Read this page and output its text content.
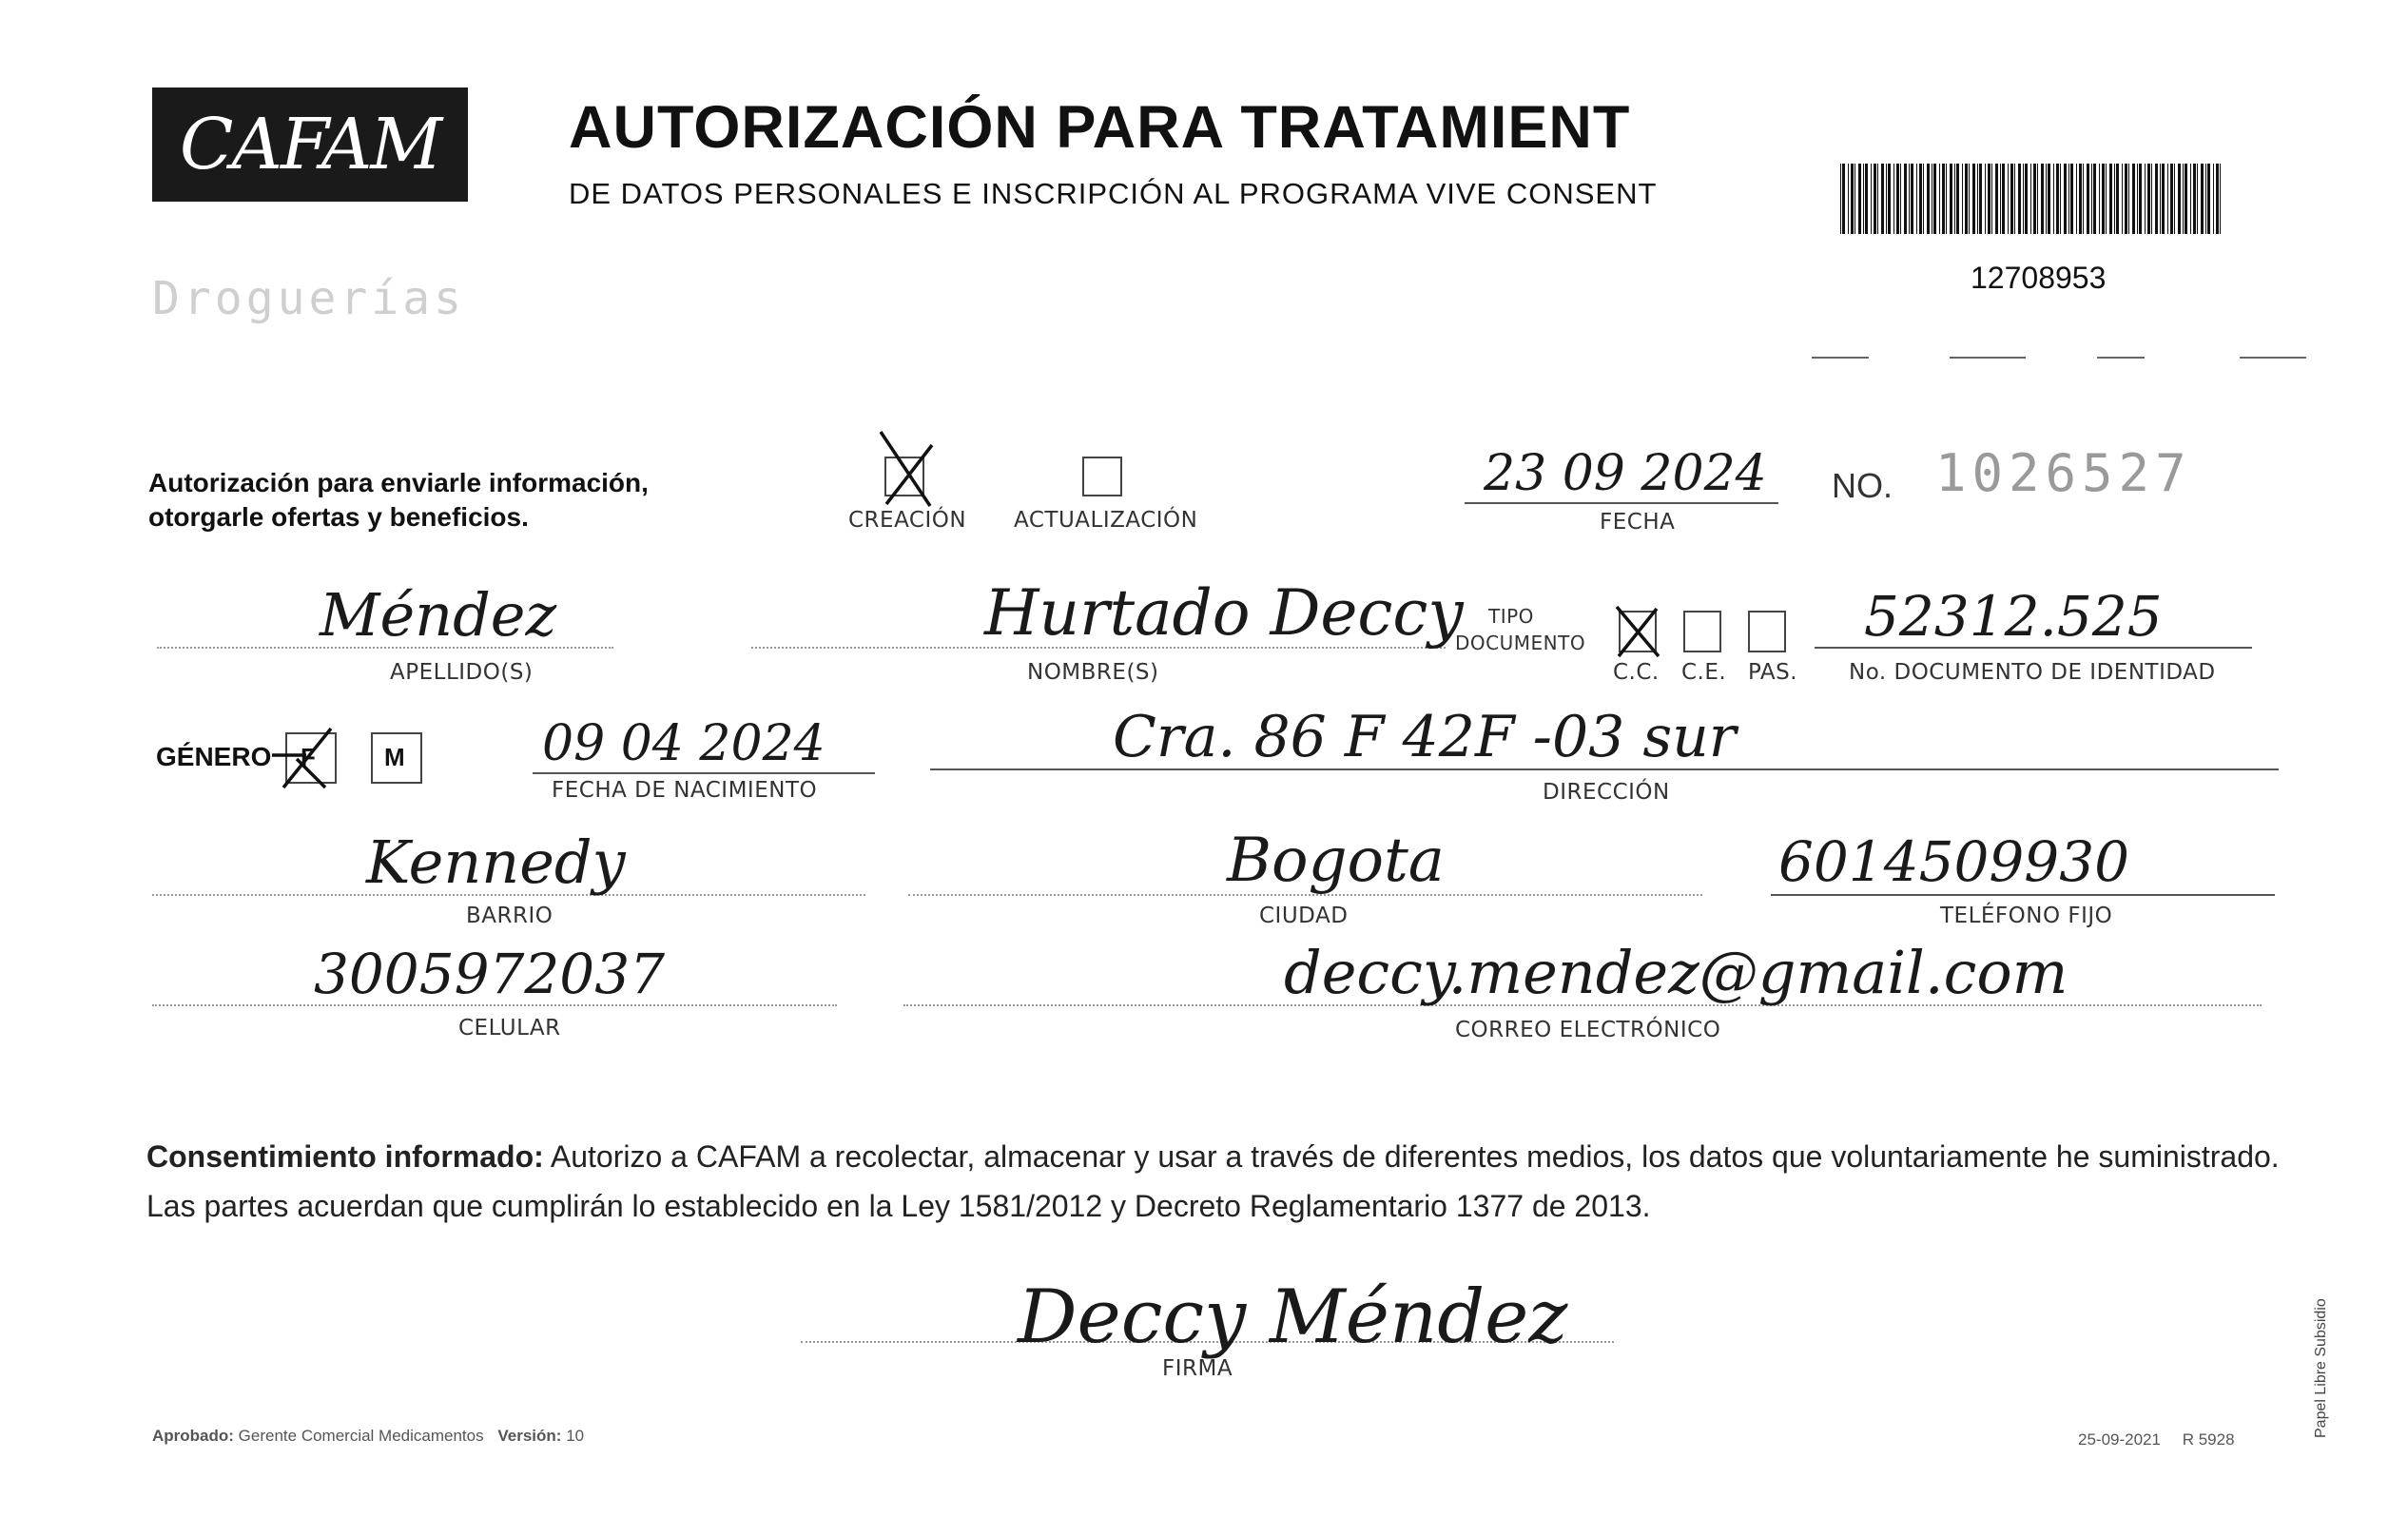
CAFAM
Droguerías
AUTORIZACIÓN PARA TRATAMIENT
DE DATOS PERSONALES E INSCRIPCIÓN AL PROGRAMA VIVE CONSENT
12708953
Autorización para enviarle información, otorgarle ofertas y beneficios.	CREACIÓN ACTUALIZACIÓN
23 09 2024
FECHA
NO. 1026527
Méndez
APELLIDO(S)
Hurtado Deccy
NOMBRE(S)
TIPO
DOCUMENTO
C.C. C.E. PAS.
52312.525
No. DOCUMENTO DE IDENTIDAD
GÉNERO F	M	09 04 2024
FECHA DE NACIMIENTO
Cra. 86 F 42F -03 sur
DIRECCIÓN
Kennedy
BARRIO
Bogota
CIUDAD
6014509930
TELÉFONO FIJO
3005972037
CELULAR
deccy.mendez@gmail.com
CORREO ELECTRÓNICO
Consentimiento informado: Autorizo a CAFAM a recolectar, almacenar y usar a través de diferentes medios, los datos que voluntariamente he suministrado. Las partes acuerdan que cumplirán lo establecido en la Ley 1581/2012 y Decreto Reglamentario 1377 de 2013.
Deccy Méndez
FIRMA
Aprobado: Gerente Comercial Medicamentos Versión: 10	25-09-2021 R 5928
Papel Libre Subsidio
